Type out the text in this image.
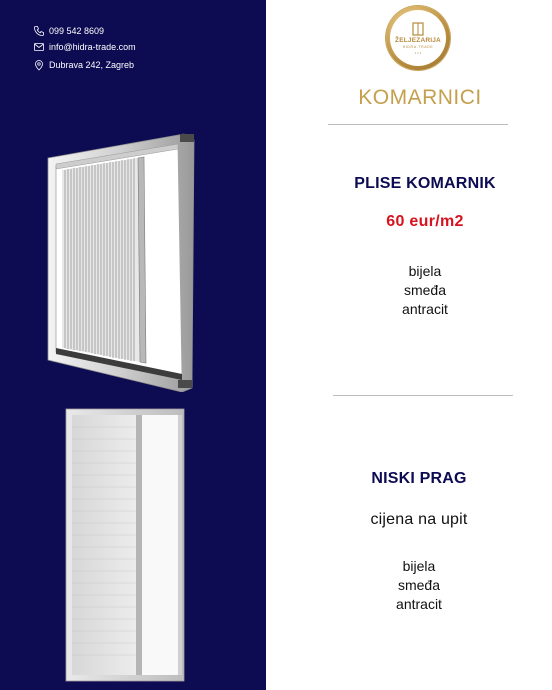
099 542 8609
info@hidra-trade.com
Dubrava 242, Zagreb
ŽELJEZARIJA
HIDRA-TRADE
• • •
KOMARNICI
PLISE KOMARNIK
60 eur/m2
bijela
smeđa
antracit
NISKI PRAG
cijena na upit
bijela
smeđa
antracit
